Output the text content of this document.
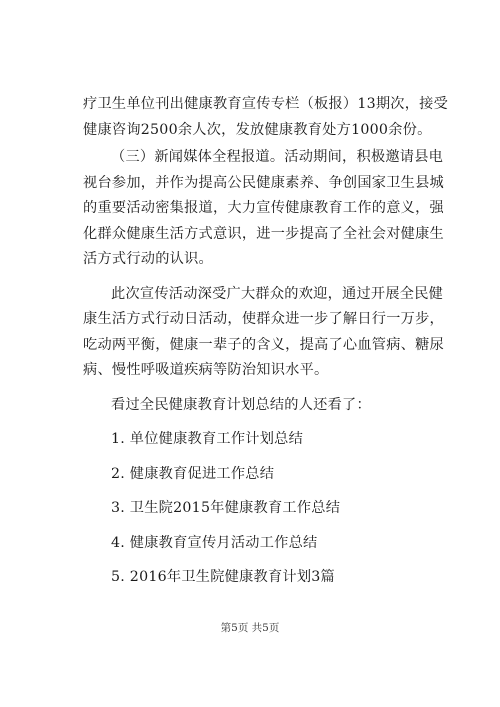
疗卫生单位刊出健康教育宣传专栏（板报）13期次，接受健康咨询2500余人次，发放健康教育处方1000余份。

（三）新闻媒体全程报道。活动期间，积极邀请县电视台参加，并作为提高公民健康素养、争创国家卫生县城的重要活动密集报道，大力宣传健康教育工作的意义，强化群众健康生活方式意识，进一步提高了全社会对健康生活方式行动的认识。

此次宣传活动深受广大群众的欢迎，通过开展全民健康生活方式行动日活动，使群众进一步了解日行一万步，吃动两平衡，健康一辈子的含义，提高了心血管病、糖尿病、慢性呼吸道疾病等防治知识水平。

看过全民健康教育计划总结的人还看了：

1. 单位健康教育工作计划总结

2. 健康教育促进工作总结

3. 卫生院2015年健康教育工作总结

4. 健康教育宣传月活动工作总结

5. 2016年卫生院健康教育计划3篇

第5页 共5页
